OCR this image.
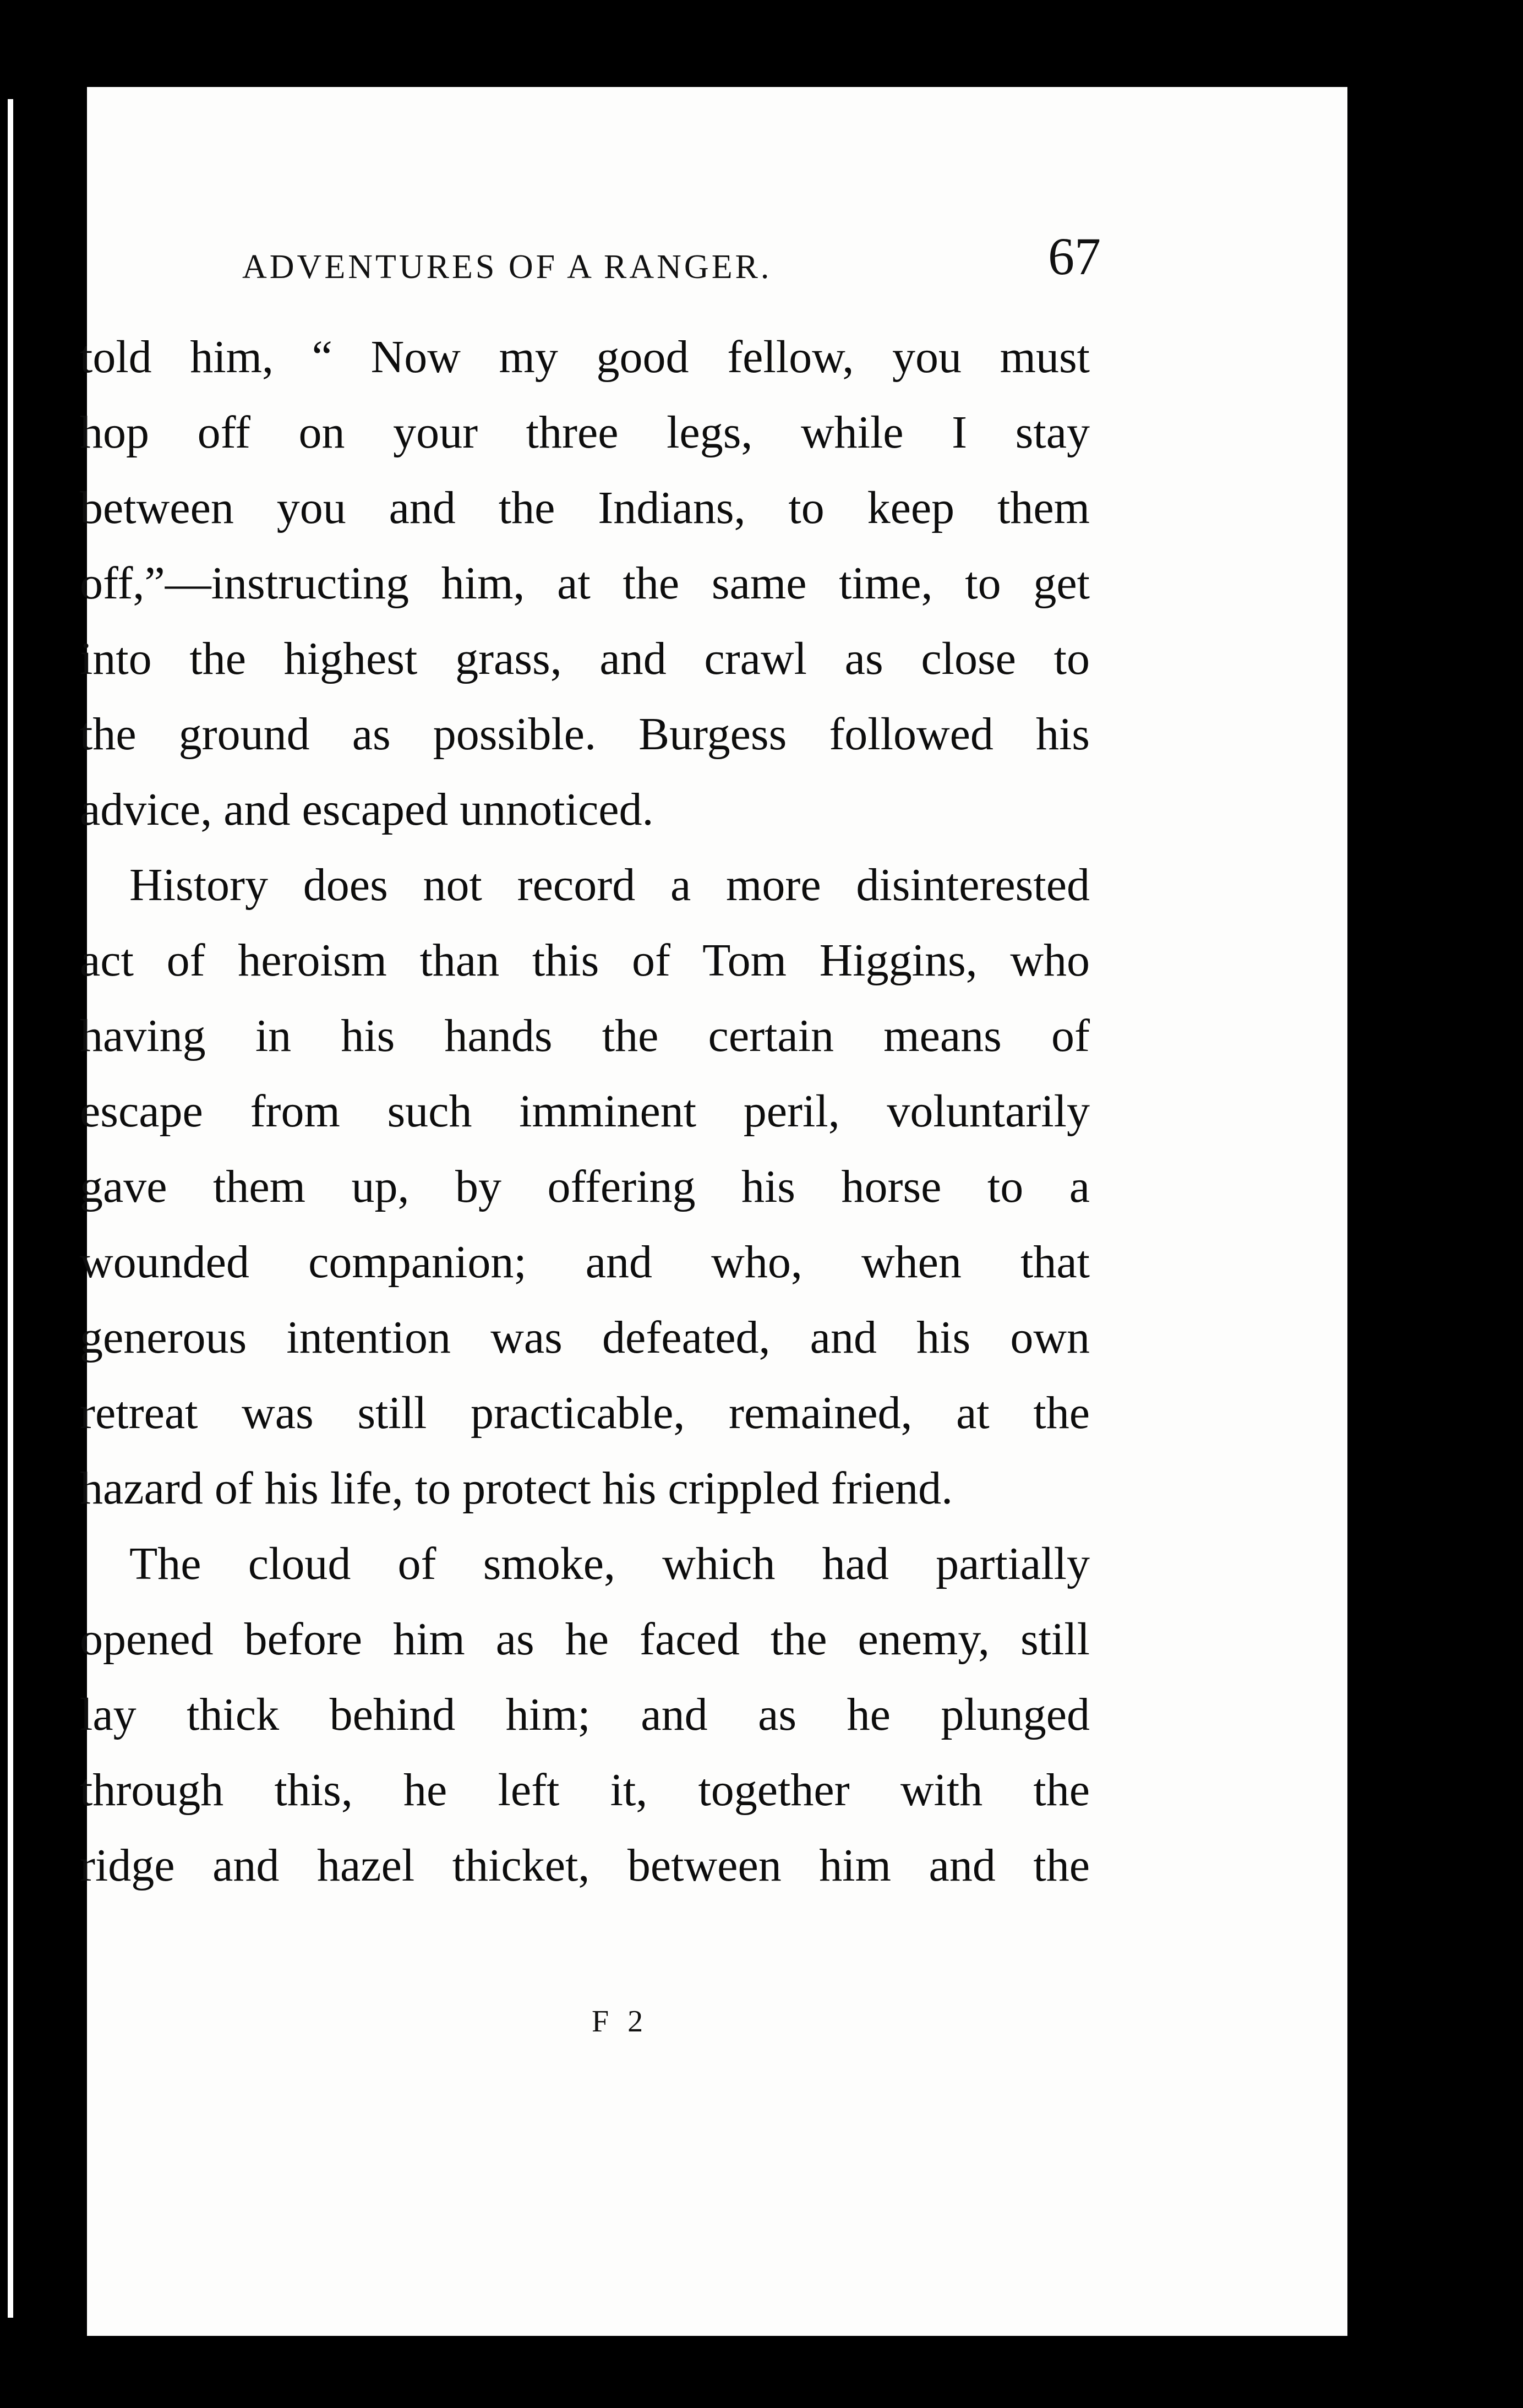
ADVENTURES OF A RANGER.	67
told him, “ Now my good fellow, you must
hop off on your three legs, while I stay
between you and the Indians, to keep them
off,”—instructing him, at the same time, to get
into the highest grass, and crawl as close to
the ground as possible. Burgess followed his
advice, and escaped unnoticed.
History does not record a more disinterested
act of heroism than this of Tom Higgins, who
having in his hands the certain means of
escape from such imminent peril, voluntarily
gave them up, by offering his horse to a
wounded companion; and who, when that
generous intention was defeated, and his own
retreat was still practicable, remained, at the
hazard of his life, to protect his crippled friend.
The cloud of smoke, which had partially
opened before him as he faced the enemy, still
lay thick behind him; and as he plunged
through this, he left it, together with the
ridge and hazel thicket, between him and the
F 2
